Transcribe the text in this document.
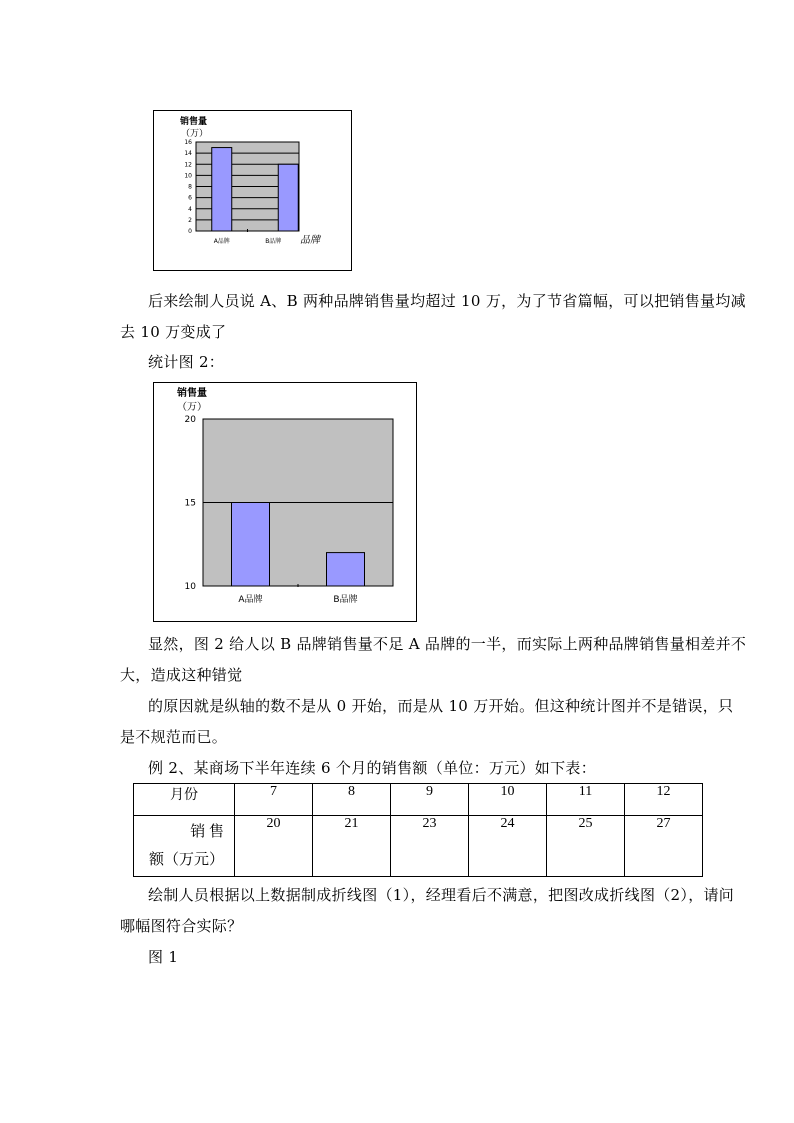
0
2
4
6
8
10
12
14
16
A品牌	B品牌
销售量
（万）
品牌
后来绘制人员说 A、B 两种品牌销售量均超过 10 万，为了节省篇幅，可以把销售量均减
去 10 万变成了
统计图 2：
10
15
20
A品牌	B品牌
销售量
（万）
显然，图 2 给人以 B 品牌销售量不足 A 品牌的一半，而实际上两种品牌销售量相差并不
大，造成这种错觉
的原因就是纵轴的数不是从 0 开始，而是从 10 万开始。但这种统计图并不是错误，只
是不规范而已。
例 2、某商场下半年连续 6 个月的销售额（单位：万元）如下表：
月份	7	8	9	10	11	12

销 售
额（万元）	20	21	23	24	25	27
绘制人员根据以上数据制成折线图（1），经理看后不满意，把图改成折线图（2），请问
哪幅图符合实际？
图 1
